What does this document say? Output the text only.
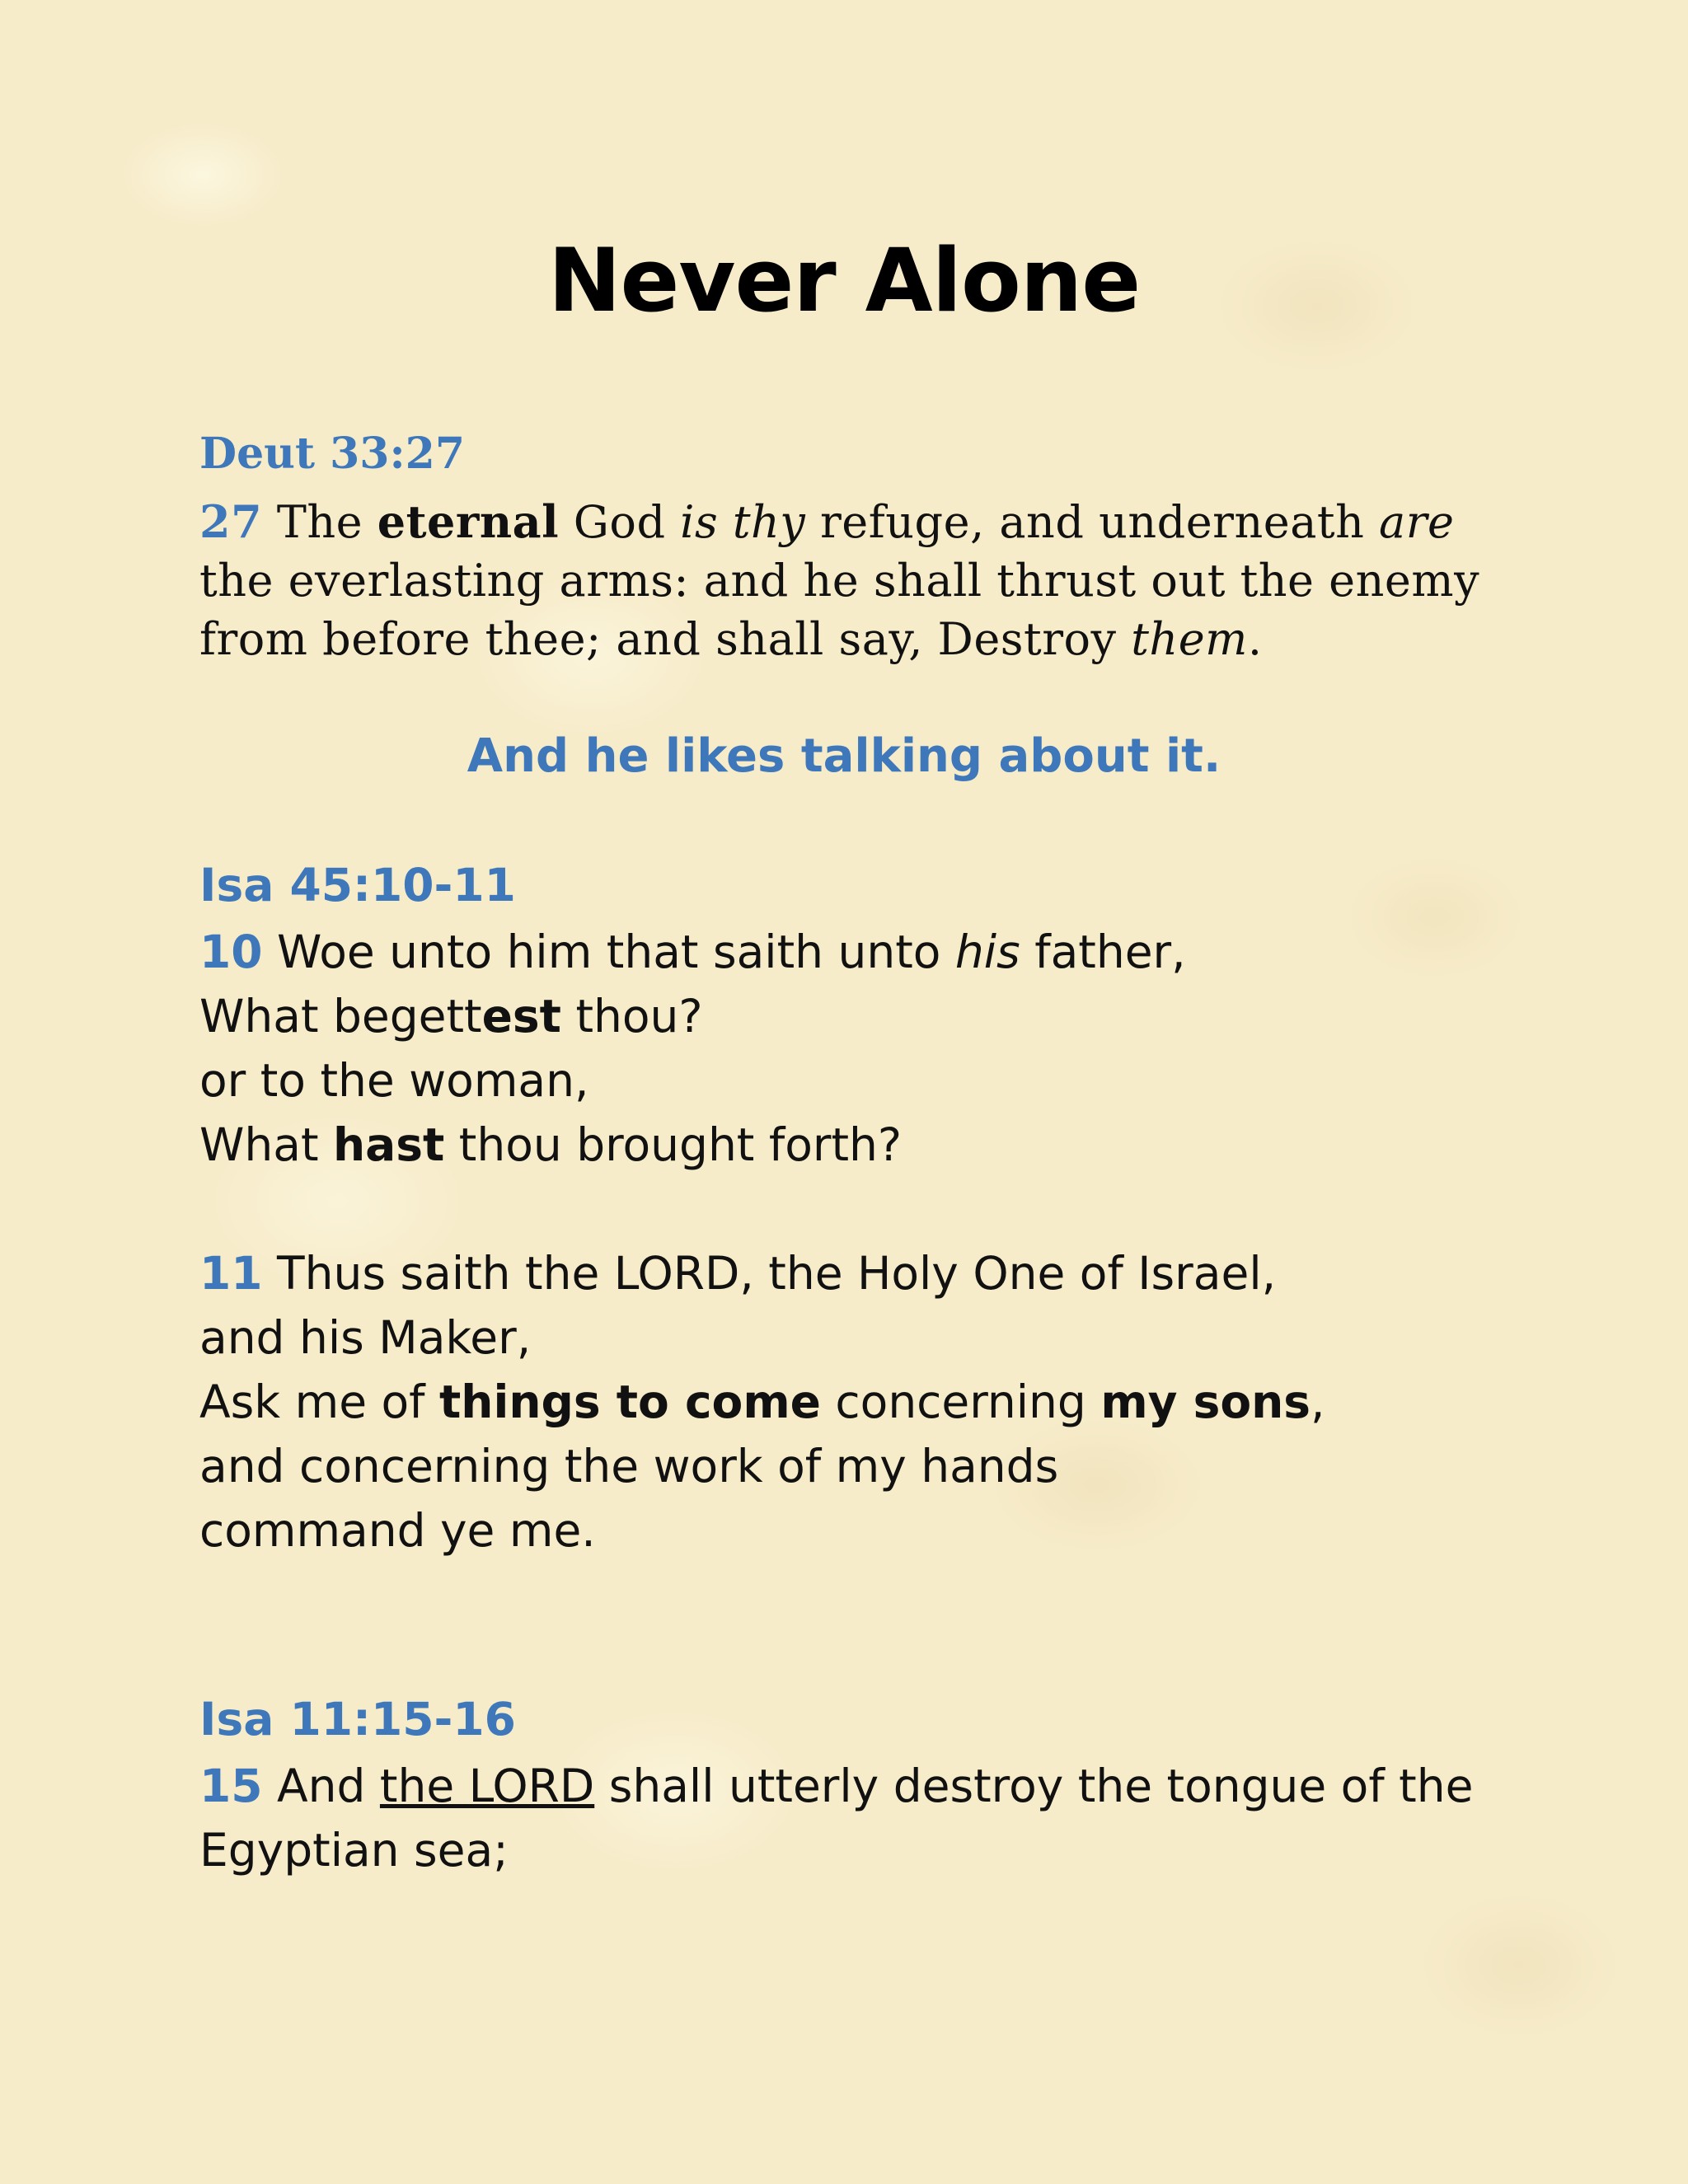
Never Alone

Deut 33:27

27 The eternal God is thy refuge, and underneath are the everlasting arms: and he shall thrust out the enemy from before thee; and shall say, Destroy them.

And he likes talking about it.

Isa 45:10-11

10 Woe unto him that saith unto his father,
What begettest thou?
or to the woman,
What hast thou brought forth?
11 Thus saith the LORD, the Holy One of Israel,
and his Maker,
Ask me of things to come concerning my sons,
and concerning the work of my hands
command ye me.

Isa 11:15-16

15 And the LORD shall utterly destroy the tongue of the
Egyptian sea;
